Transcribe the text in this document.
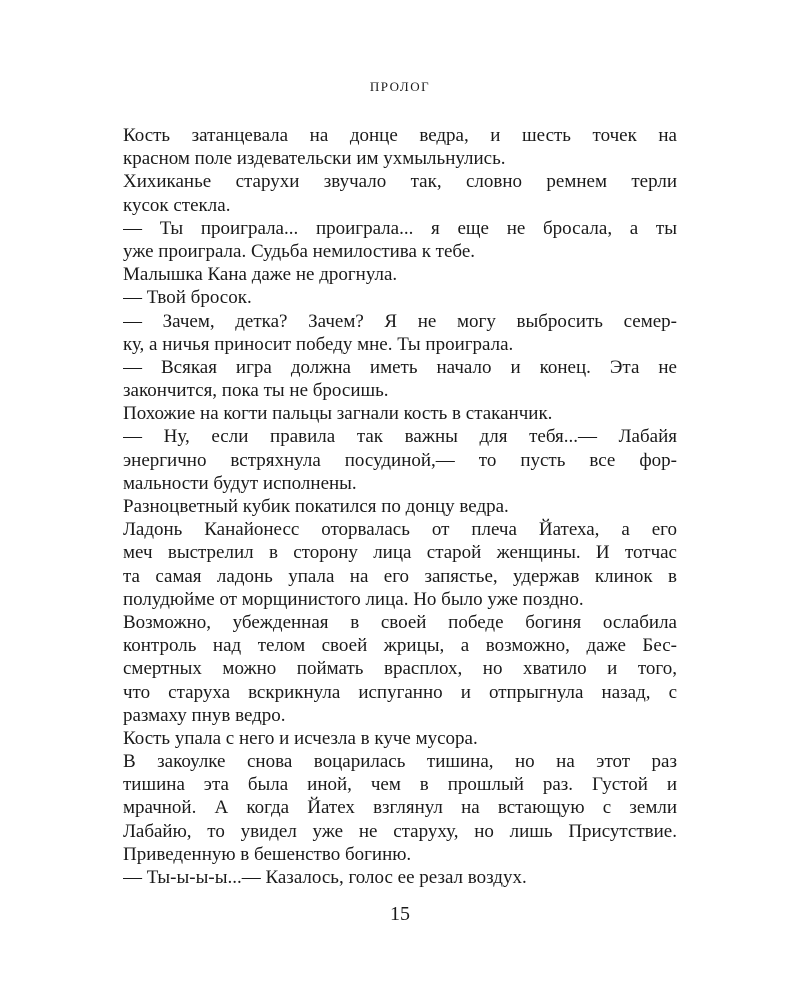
ПРОЛОГ
Кость затанцевала на донце ведра, и шесть точек на
красном поле издевательски им ухмыльнулись.
Хихиканье старухи звучало так, словно ремнем терли
кусок стекла.
— Ты проиграла... проиграла... я еще не бросала, а ты
уже проиграла. Судьба немилостива к тебе.
Малышка Кана даже не дрогнула.
— Твой бросок.
— Зачем, детка? Зачем? Я не могу выбросить семер-
ку, а ничья приносит победу мне. Ты проиграла.
— Всякая игра должна иметь начало и конец. Эта не
закончится, пока ты не бросишь.
Похожие на когти пальцы загнали кость в стаканчик.
— Ну, если правила так важны для тебя...— Лабайя
энергично встряхнула посудиной,— то пусть все фор-
мальности будут исполнены.
Разноцветный кубик покатился по донцу ведра.
Ладонь Канайонесс оторвалась от плеча Йатеха, а его
меч выстрелил в сторону лица старой женщины. И тотчас
та самая ладонь упала на его запястье, удержав клинок в
полудюйме от морщинистого лица. Но было уже поздно.
Возможно, убежденная в своей победе богиня ослабила
контроль над телом своей жрицы, а возможно, даже Бес-
смертных можно поймать врасплох, но хватило и того,
что старуха вскрикнула испуганно и отпрыгнула назад, с
размаху пнув ведро.
Кость упала с него и исчезла в куче мусора.
В закоулке снова воцарилась тишина, но на этот раз
тишина эта была иной, чем в прошлый раз. Густой и
мрачной. А когда Йатех взглянул на встающую с земли
Лабайю, то увидел уже не старуху, но лишь Присутствие.
Приведенную в бешенство богиню.
— Ты-ы-ы-ы...— Казалось, голос ее резал воздух.
15
